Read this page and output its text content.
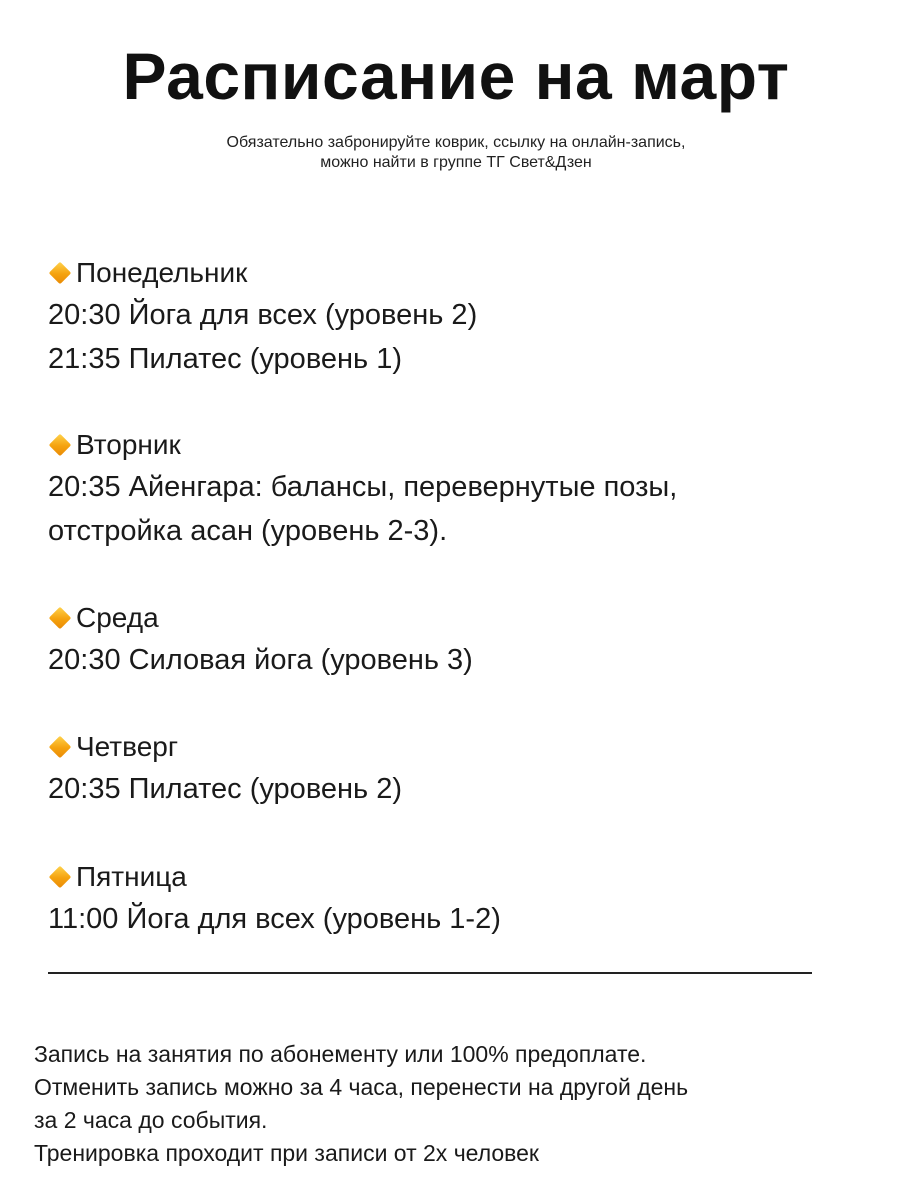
Расписание на март
Обязательно забронируйте коврик, ссылку на онлайн-запись,
можно найти в группе ТГ Свет&Дзен
Понедельник
20:30 Йога для всех (уровень 2)
21:35 Пилатес (уровень 1)
Вторник
20:35 Айенгара: балансы, перевернутые позы,
отстройка асан (уровень 2-3).
Среда
20:30 Силовая йога (уровень 3)
Четверг
20:35 Пилатес (уровень 2)
Пятница
11:00 Йога для всех (уровень 1-2)
Запись на занятия по абонементу или 100% предоплате.
Отменить запись можно за 4 часа, перенести на другой день
за 2 часа до события.
Тренировка проходит при записи от 2х человек
